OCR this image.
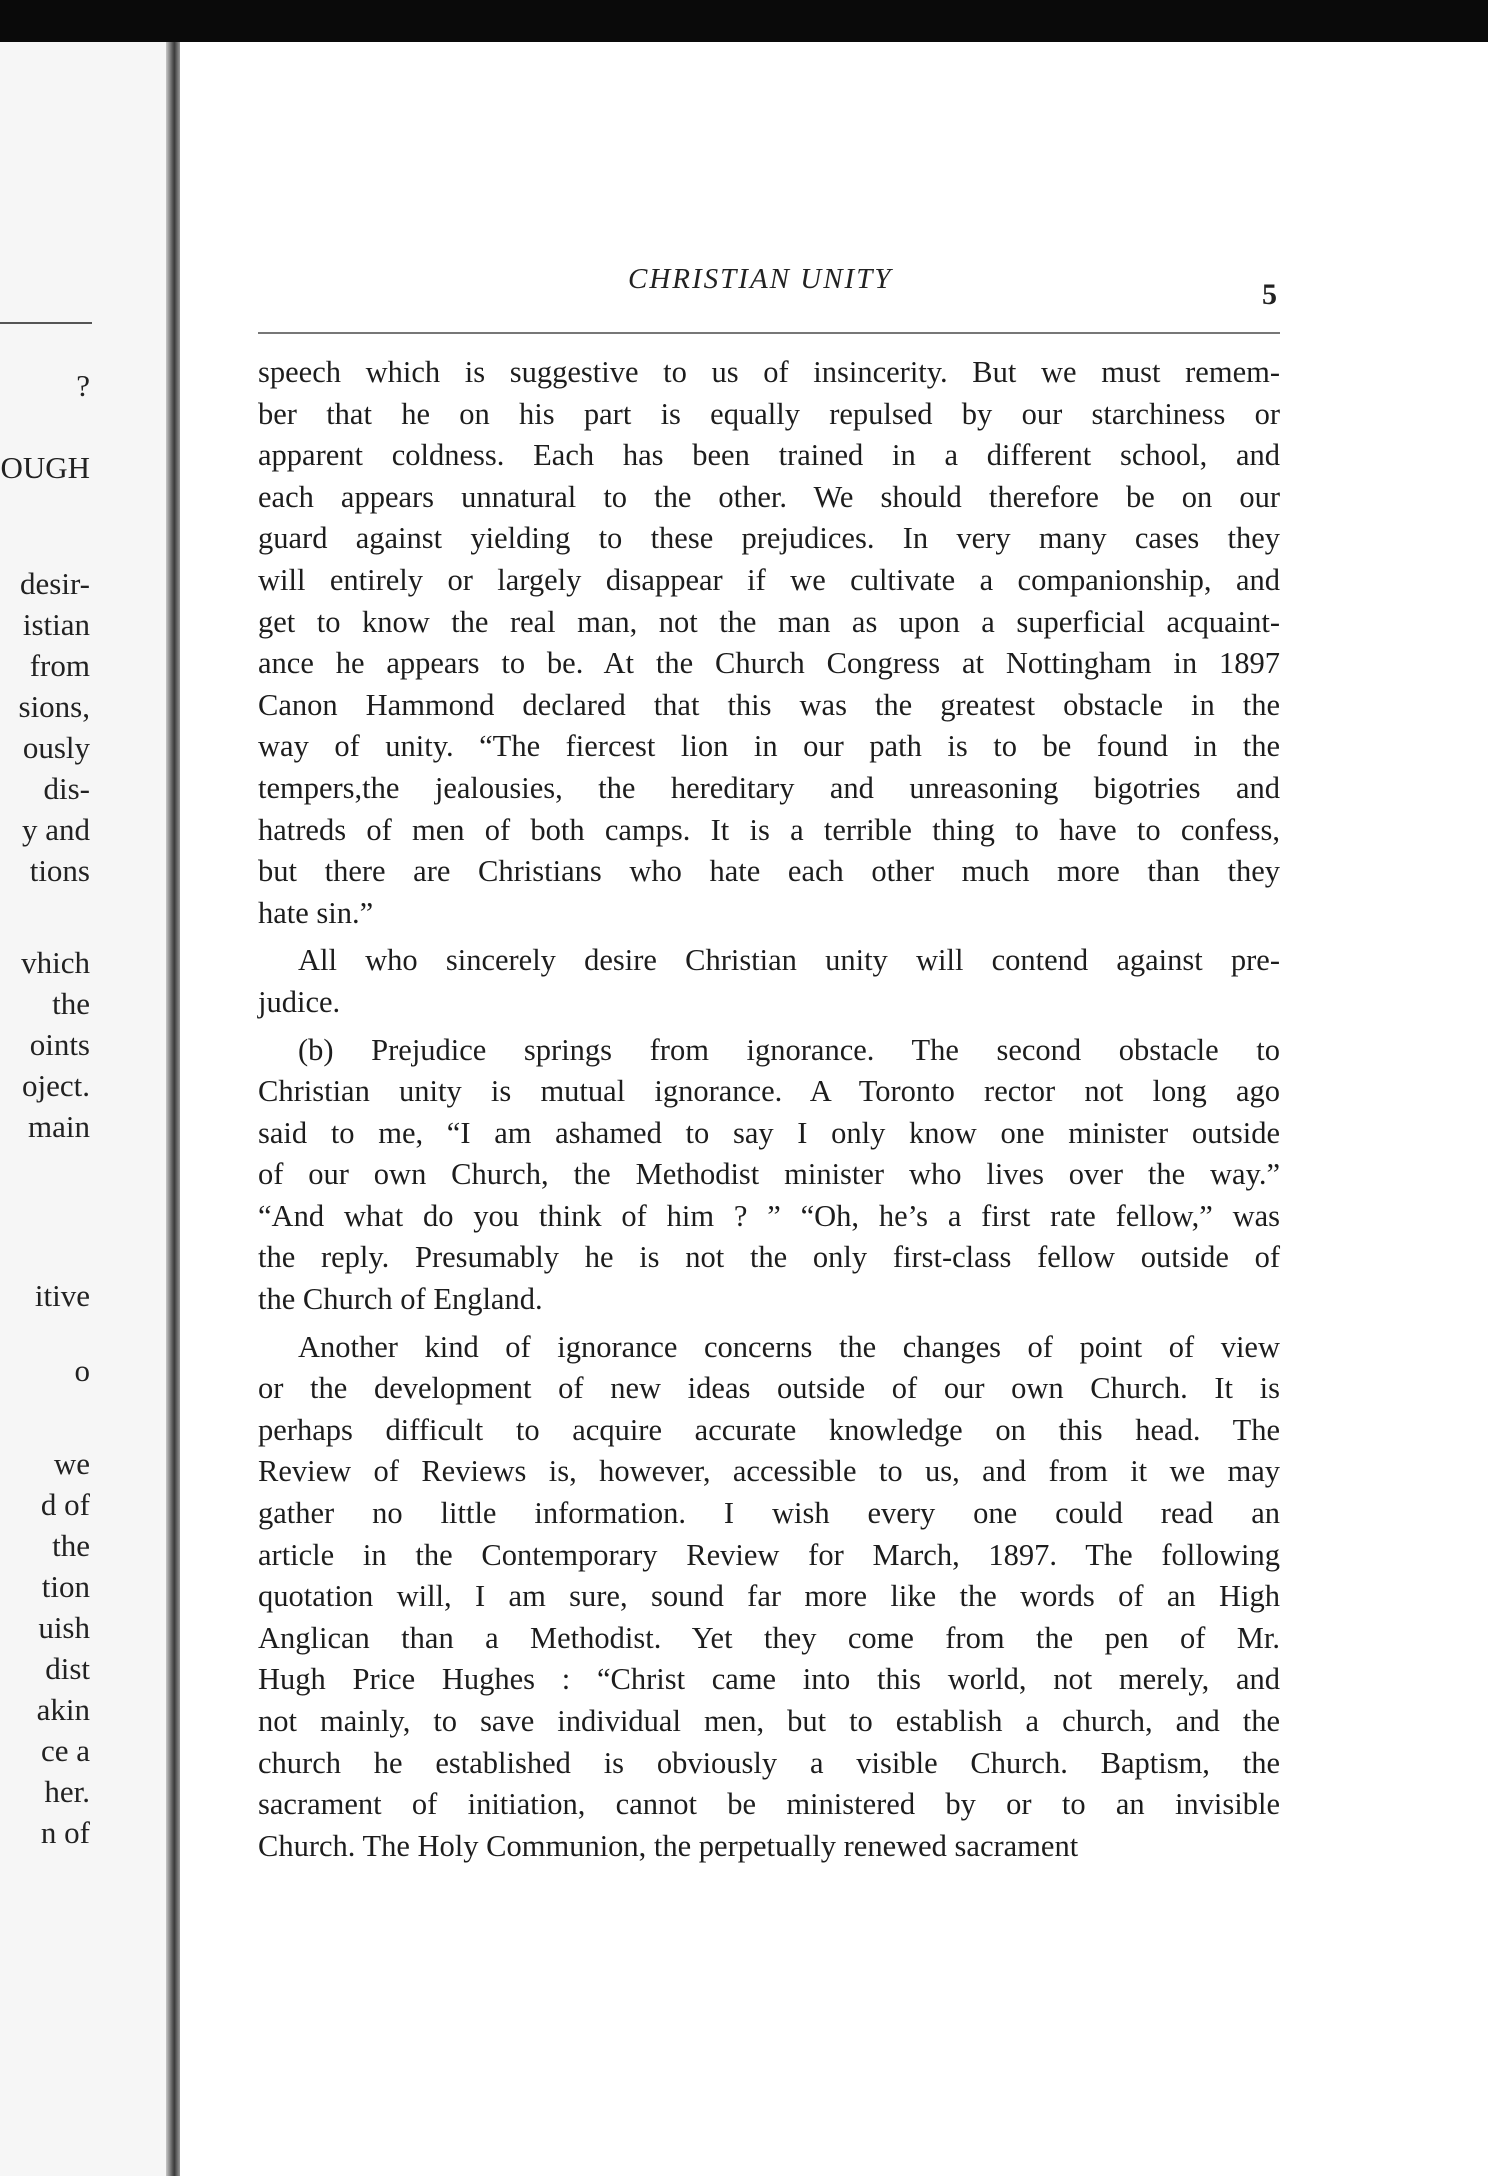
?
OUGH
desir-
istian
from
sions,
ously
dis-
y and
tions
vhich
the
oints
oject.
main
itive
o
we
d of
the
tion
uish
dist
akin
ce a
her.
n of
CHRISTIAN UNITY	5
speech which is suggestive to us of insincerity. But we must remem-
ber that he on his part is equally repulsed by our starchiness or
apparent coldness. Each has been trained in a different school, and
each appears unnatural to the other. We should therefore be on our
guard against yielding to these prejudices. In very many cases they
will entirely or largely disappear if we cultivate a companionship, and
get to know the real man, not the man as upon a superficial acquaint-
ance he appears to be. At the Church Congress at Nottingham in 1897
Canon Hammond declared that this was the greatest obstacle in the
way of unity. “The fiercest lion in our path is to be found in the
tempers,the jealousies, the hereditary and unreasoning bigotries and
hatreds of men of both camps. It is a terrible thing to have to confess,
but there are Christians who hate each other much more than they
hate sin.”
All who sincerely desire Christian unity will contend against pre-
judice.
(b) Prejudice springs from ignorance. The second obstacle to
Christian unity is mutual ignorance. A Toronto rector not long ago
said to me, “I am ashamed to say I only know one minister outside
of our own Church, the Methodist minister who lives over the way.”
“And what do you think of him ? ” “Oh, he’s a first rate fellow,” was
the reply. Presumably he is not the only first-class fellow outside of
the Church of England.
Another kind of ignorance concerns the changes of point of view
or the development of new ideas outside of our own Church. It is
perhaps difficult to acquire accurate knowledge on this head. The
Review of Reviews is, however, accessible to us, and from it we may
gather no little information. I wish every one could read an
article in the Contemporary Review for March, 1897. The following
quotation will, I am sure, sound far more like the words of an High
Anglican than a Methodist. Yet they come from the pen of Mr.
Hugh Price Hughes : “Christ came into this world, not merely, and
not mainly, to save individual men, but to establish a church, and the
church he established is obviously a visible Church. Baptism, the
sacrament of initiation, cannot be ministered by or to an invisible
Church. The Holy Communion, the perpetually renewed sacrament
